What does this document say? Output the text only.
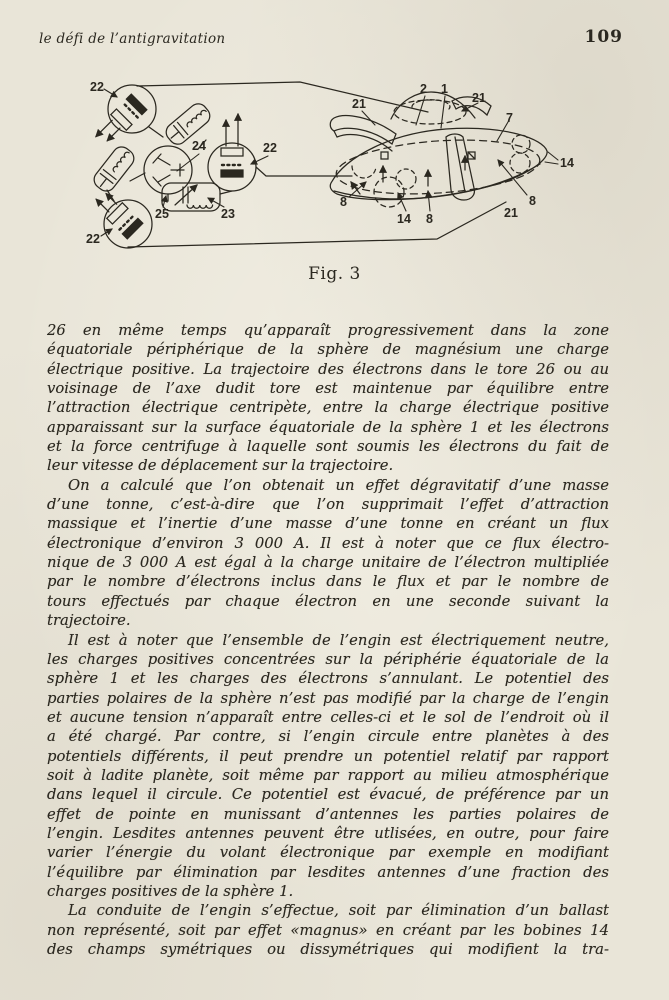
le défi de l’antigravitation	109
22
24	22
25	23
22
2 1
21
7
21
14
8
21
8
14 8
Fig. 3
26 en même temps qu’apparaît progressivement dans la zone
équatoriale périphérique de la sphère de magnésium une charge
électrique positive. La trajectoire des électrons dans le tore 26 ou au
voisinage de l’axe dudit tore est maintenue par équilibre entre
l’attraction électrique centripète, entre la charge électrique positive
apparaissant sur la surface équatoriale de la sphère 1 et les électrons
et la force centrifuge à laquelle sont soumis les électrons du fait de
leur vitesse de déplacement sur la trajectoire.
On a calculé que l’on obtenait un effet dégravitatif d’une masse
d’une tonne, c’est-à-dire que l’on supprimait l’effet d’attraction
massique et l’inertie d’une masse d’une tonne en créant un flux
électronique d’environ 3 000 A. Il est à noter que ce flux électro-
nique de 3 000 A est égal à la charge unitaire de l’électron multipliée
par le nombre d’électrons inclus dans le flux et par le nombre de
tours effectués par chaque électron en une seconde suivant la
trajectoire.
Il est à noter que l’ensemble de l’engin est électriquement neutre,
les charges positives concentrées sur la périphérie équatoriale de la
sphère 1 et les charges des électrons s’annulant. Le potentiel des
parties polaires de la sphère n’est pas modifié par la charge de l’engin
et aucune tension n’apparaît entre celles-ci et le sol de l’endroit où il
a été chargé. Par contre, si l’engin circule entre planètes à des
potentiels différents, il peut prendre un potentiel relatif par rapport
soit à ladite planète, soit même par rapport au milieu atmosphérique
dans lequel il circule. Ce potentiel est évacué, de préférence par un
effet de pointe en munissant d’antennes les parties polaires de
l’engin. Lesdites antennes peuvent être utlisées, en outre, pour faire
varier l’énergie du volant électronique par exemple en modifiant
l’équilibre par élimination par lesdites antennes d’une fraction des
charges positives de la sphère 1.
La conduite de l’engin s’effectue, soit par élimination d’un ballast
non représenté, soit par effet «magnus» en créant par les bobines 14
des champs symétriques ou dissymétriques qui modifient la tra-
